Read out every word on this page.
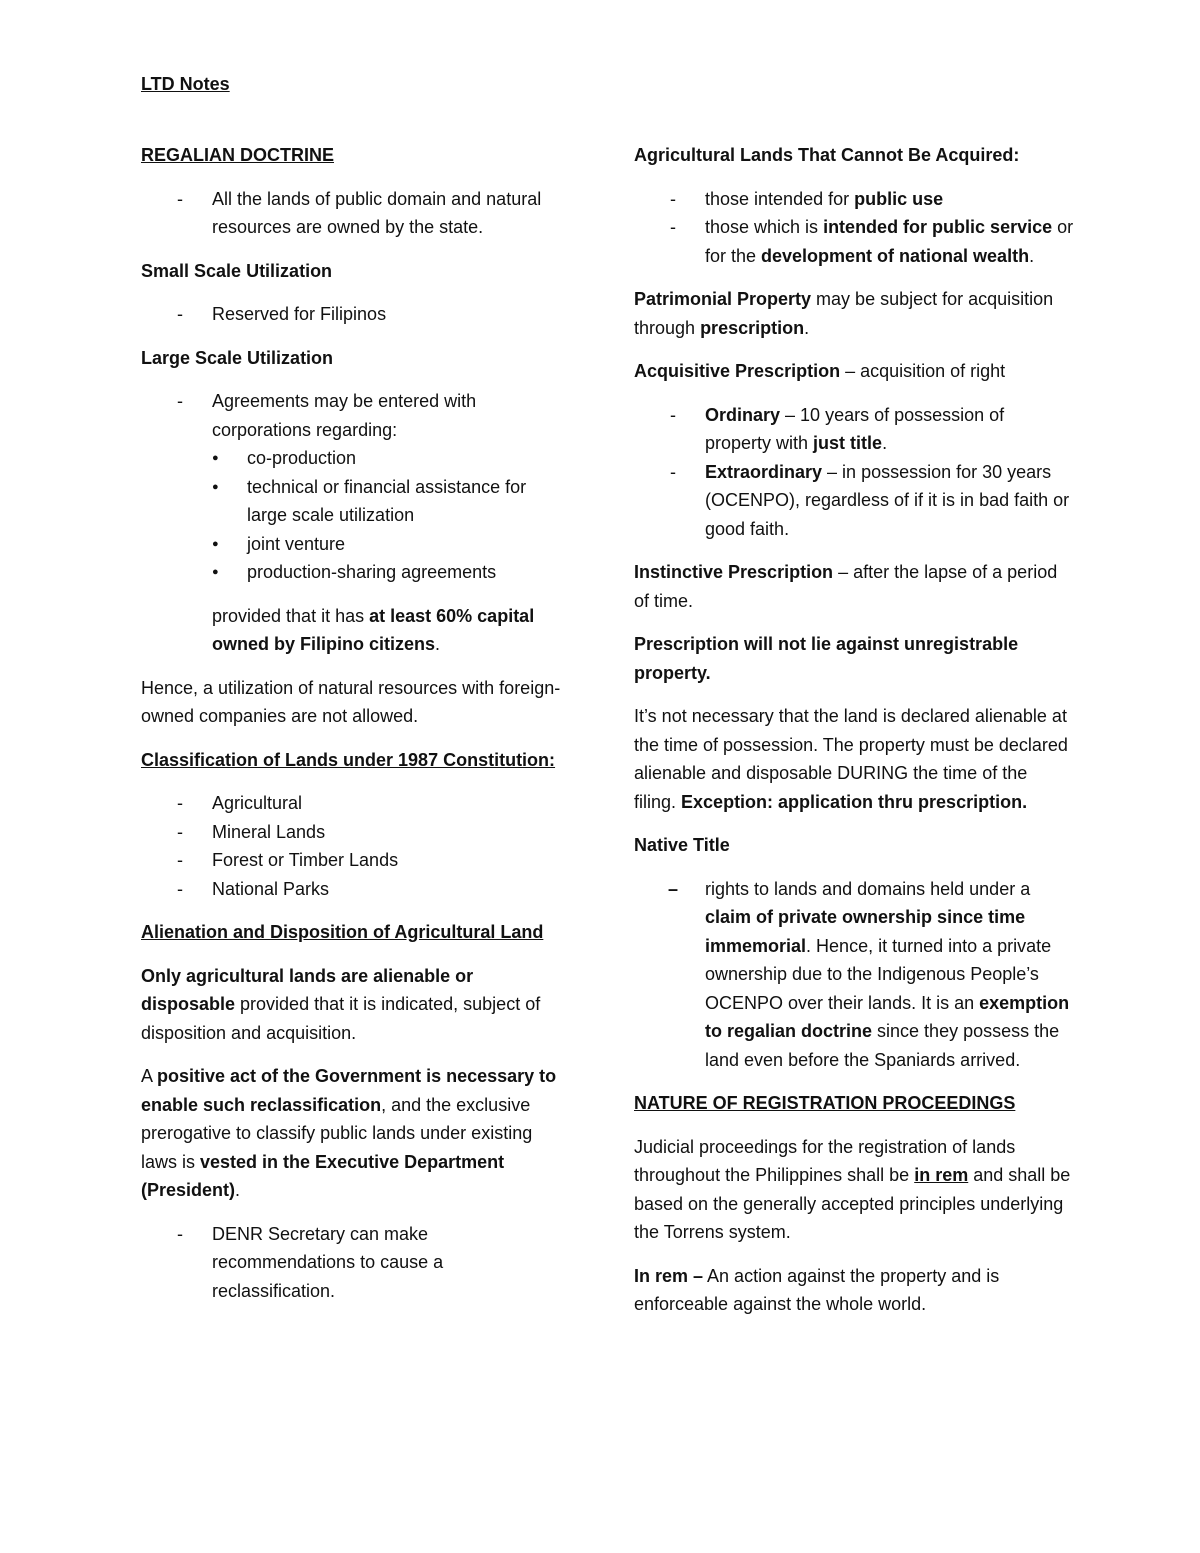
LTD Notes

REGALIAN DOCTRINE

- All the lands of public domain and natural resources are owned by the state.

Small Scale Utilization

- Reserved for Filipinos

Large Scale Utilization

- Agreements may be entered with corporations regarding:
● co-production
● technical or financial assistance for large scale utilization
● joint venture
● production-sharing agreements

provided that it has at least 60% capital owned by Filipino citizens.

Hence, a utilization of natural resources with foreign-owned companies are not allowed.

Classification of Lands under 1987 Constitution:

- Agricultural
- Mineral Lands
- Forest or Timber Lands
- National Parks

Alienation and Disposition of Agricultural Land

Only agricultural lands are alienable or disposable provided that it is indicated, subject of disposition and acquisition.

A positive act of the Government is necessary to enable such reclassification, and the exclusive prerogative to classify public lands under existing laws is vested in the Executive Department (President).

- DENR Secretary can make recommendations to cause a reclassification.

Agricultural Lands That Cannot Be Acquired:

- those intended for public use
- those which is intended for public service or for the development of national wealth.

Patrimonial Property may be subject for acquisition through prescription.

Acquisitive Prescription – acquisition of right

- Ordinary – 10 years of possession of property with just title.
- Extraordinary – in possession for 30 years (OCENPO), regardless of if it is in bad faith or good faith.

Instinctive Prescription – after the lapse of a period of time.

Prescription will not lie against unregistrable property.

It’s not necessary that the land is declared alienable at the time of possession. The property must be declared alienable and disposable DURING the time of the filing. Exception: application thru prescription.

Native Title

– rights to lands and domains held under a claim of private ownership since time immemorial. Hence, it turned into a private ownership due to the Indigenous People’s OCENPO over their lands. It is an exemption to regalian doctrine since they possess the land even before the Spaniards arrived.

NATURE OF REGISTRATION PROCEEDINGS

Judicial proceedings for the registration of lands throughout the Philippines shall be in rem and shall be based on the generally accepted principles underlying the Torrens system.

In rem – An action against the property and is enforceable against the whole world.
